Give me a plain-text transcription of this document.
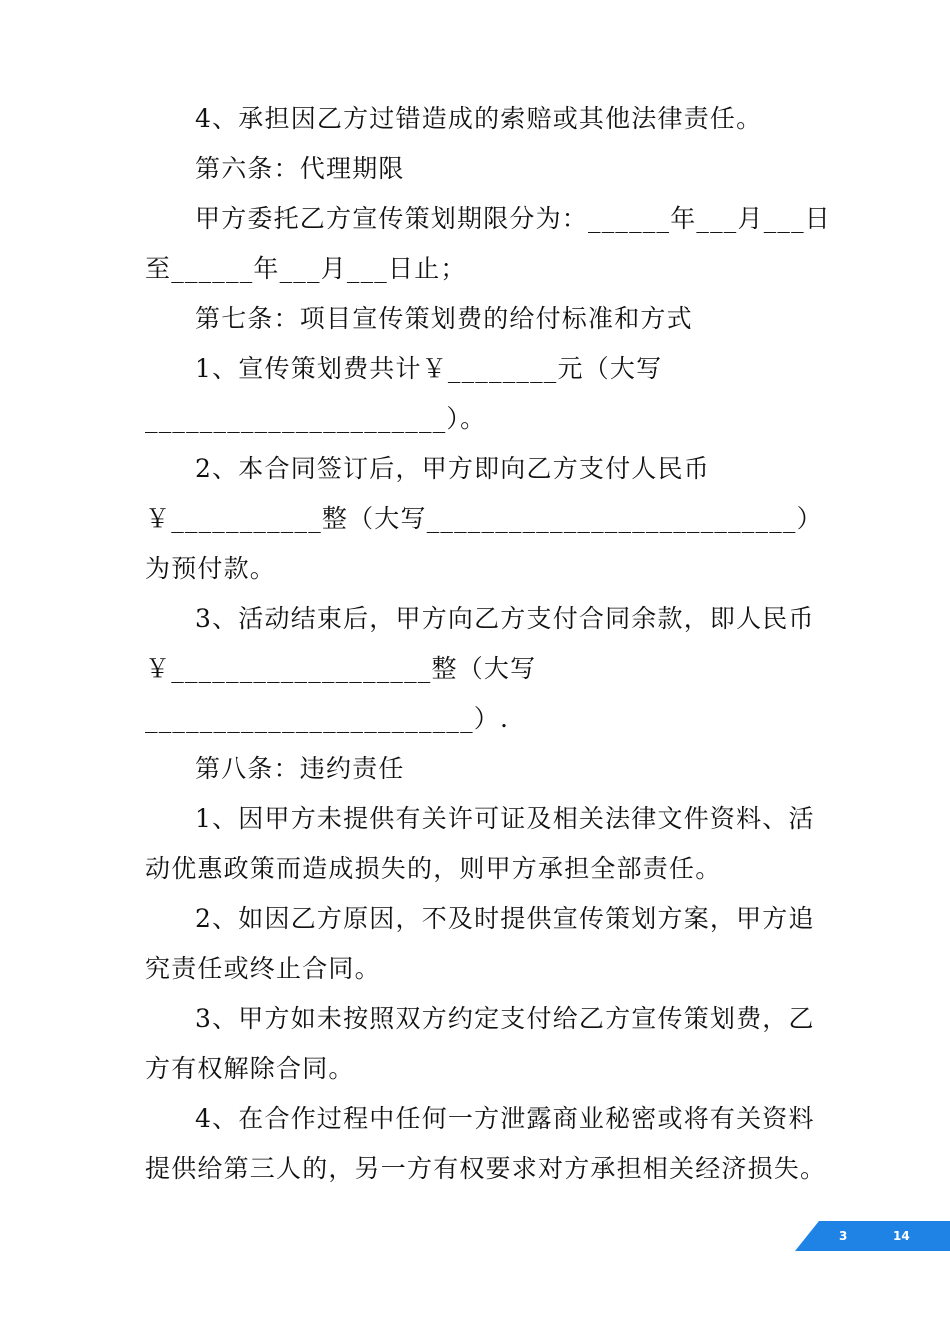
4、承担因乙方过错造成的索赔或其他法律责任。
第六条：代理期限
甲方委托乙方宣传策划期限分为：______年___月___日
至______年___月___日止；
第七条：项目宣传策划费的给付标准和方式
1、宣传策划费共计￥________元（大写
______________________）。
2、本合同签订后，甲方即向乙方支付人民币
￥___________整（大写___________________________）
为预付款。
3、活动结束后，甲方向乙方支付合同余款，即人民币
￥___________________整（大写
________________________）.
第八条：违约责任
1、因甲方未提供有关许可证及相关法律文件资料、活
动优惠政策而造成损失的，则甲方承担全部责任。
2、如因乙方原因，不及时提供宣传策划方案，甲方追
究责任或终止合同。
3、甲方如未按照双方约定支付给乙方宣传策划费，乙
方有权解除合同。
4、在合作过程中任何一方泄露商业秘密或将有关资料
提供给第三人的，另一方有权要求对方承担相关经济损失。
3	14
